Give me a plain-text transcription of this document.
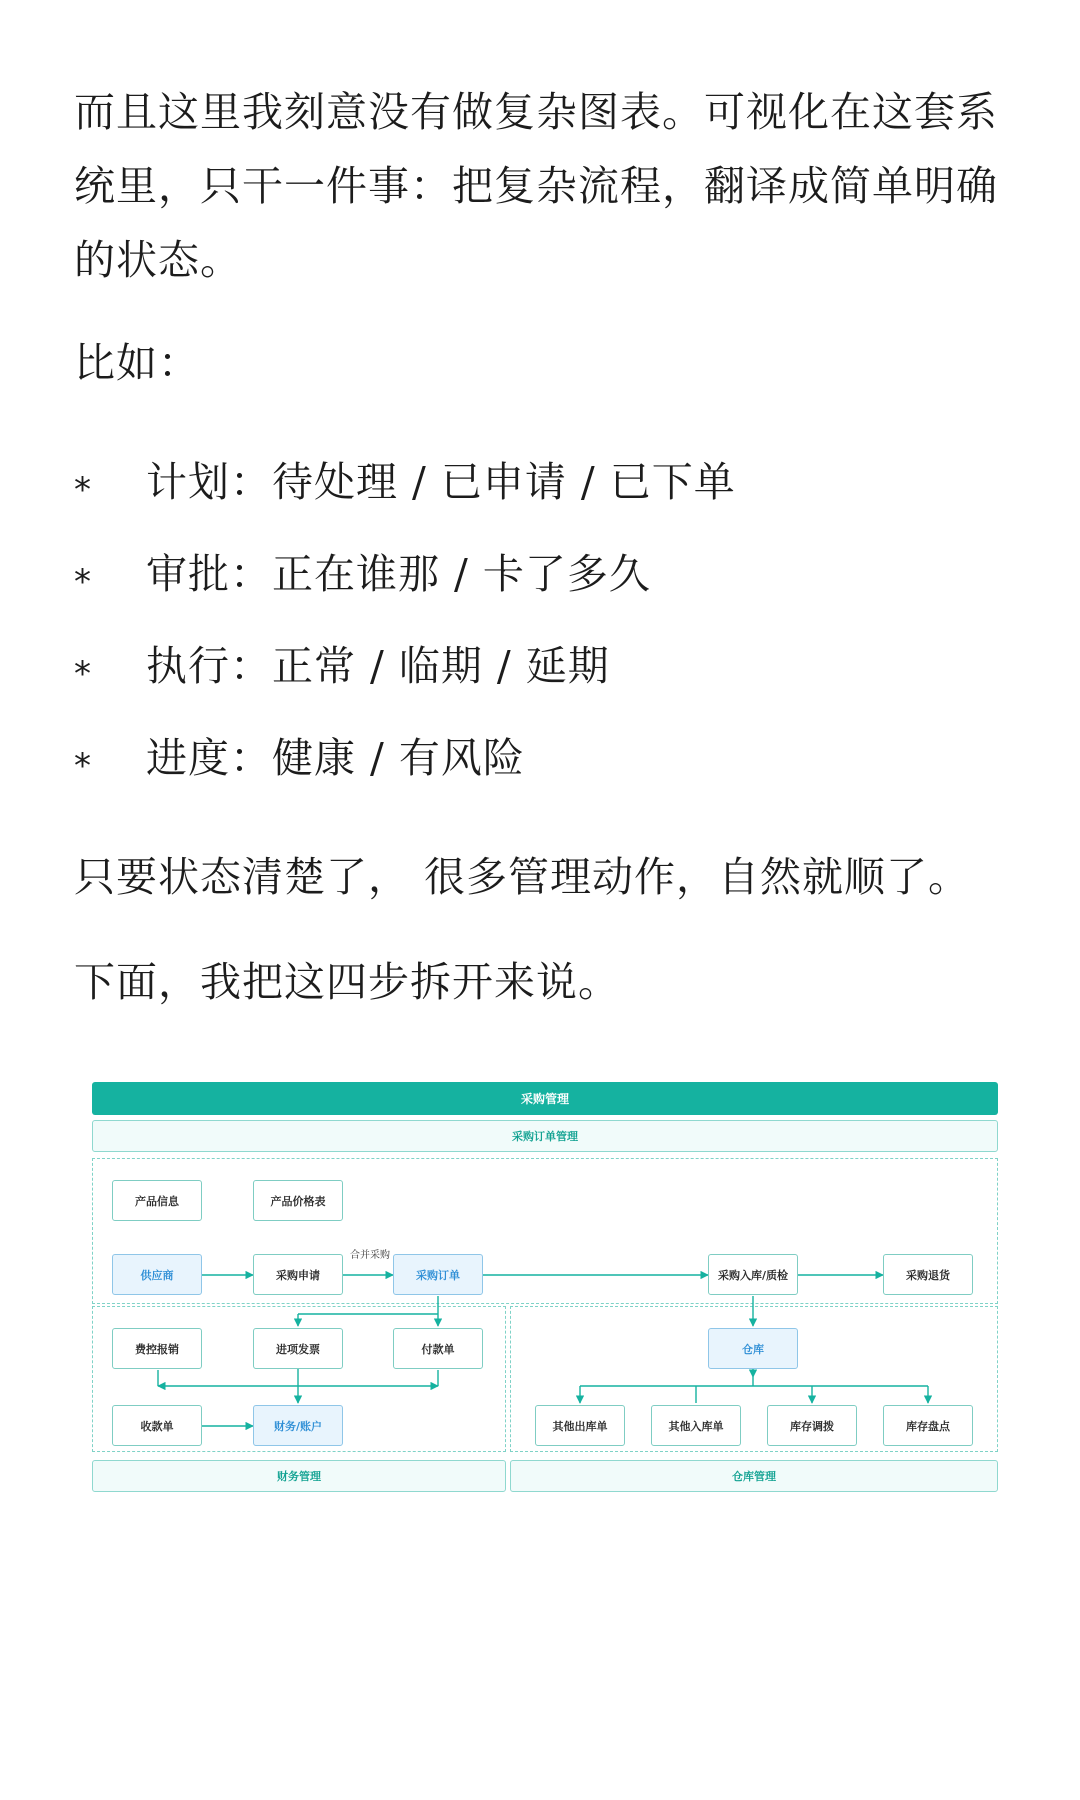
而且这里我刻意没有做复杂图表。可视化在这套系统里，只干一件事：把复杂流程，翻译成简单明确的状态。

比如：

* 计划：待处理 / 已申请 / 已下单
* 审批：正在谁那 / 卡了多久
* 执行：正常 / 临期 / 延期
* 进度：健康 / 有风险

只要状态清楚了， 很多管理动作，自然就顺了。

下面，我把这四步拆开来说。

采购管理
采购订单管理
财务管理	仓库管理
产品信息	产品价格表
供应商	采购申请
合并采购
采购订单	采购入库/质检	采购退货
费控报销	进项发票	付款单
收款单	财务/账户
仓库
其他出库单	其他入库单	库存调拨	库存盘点
